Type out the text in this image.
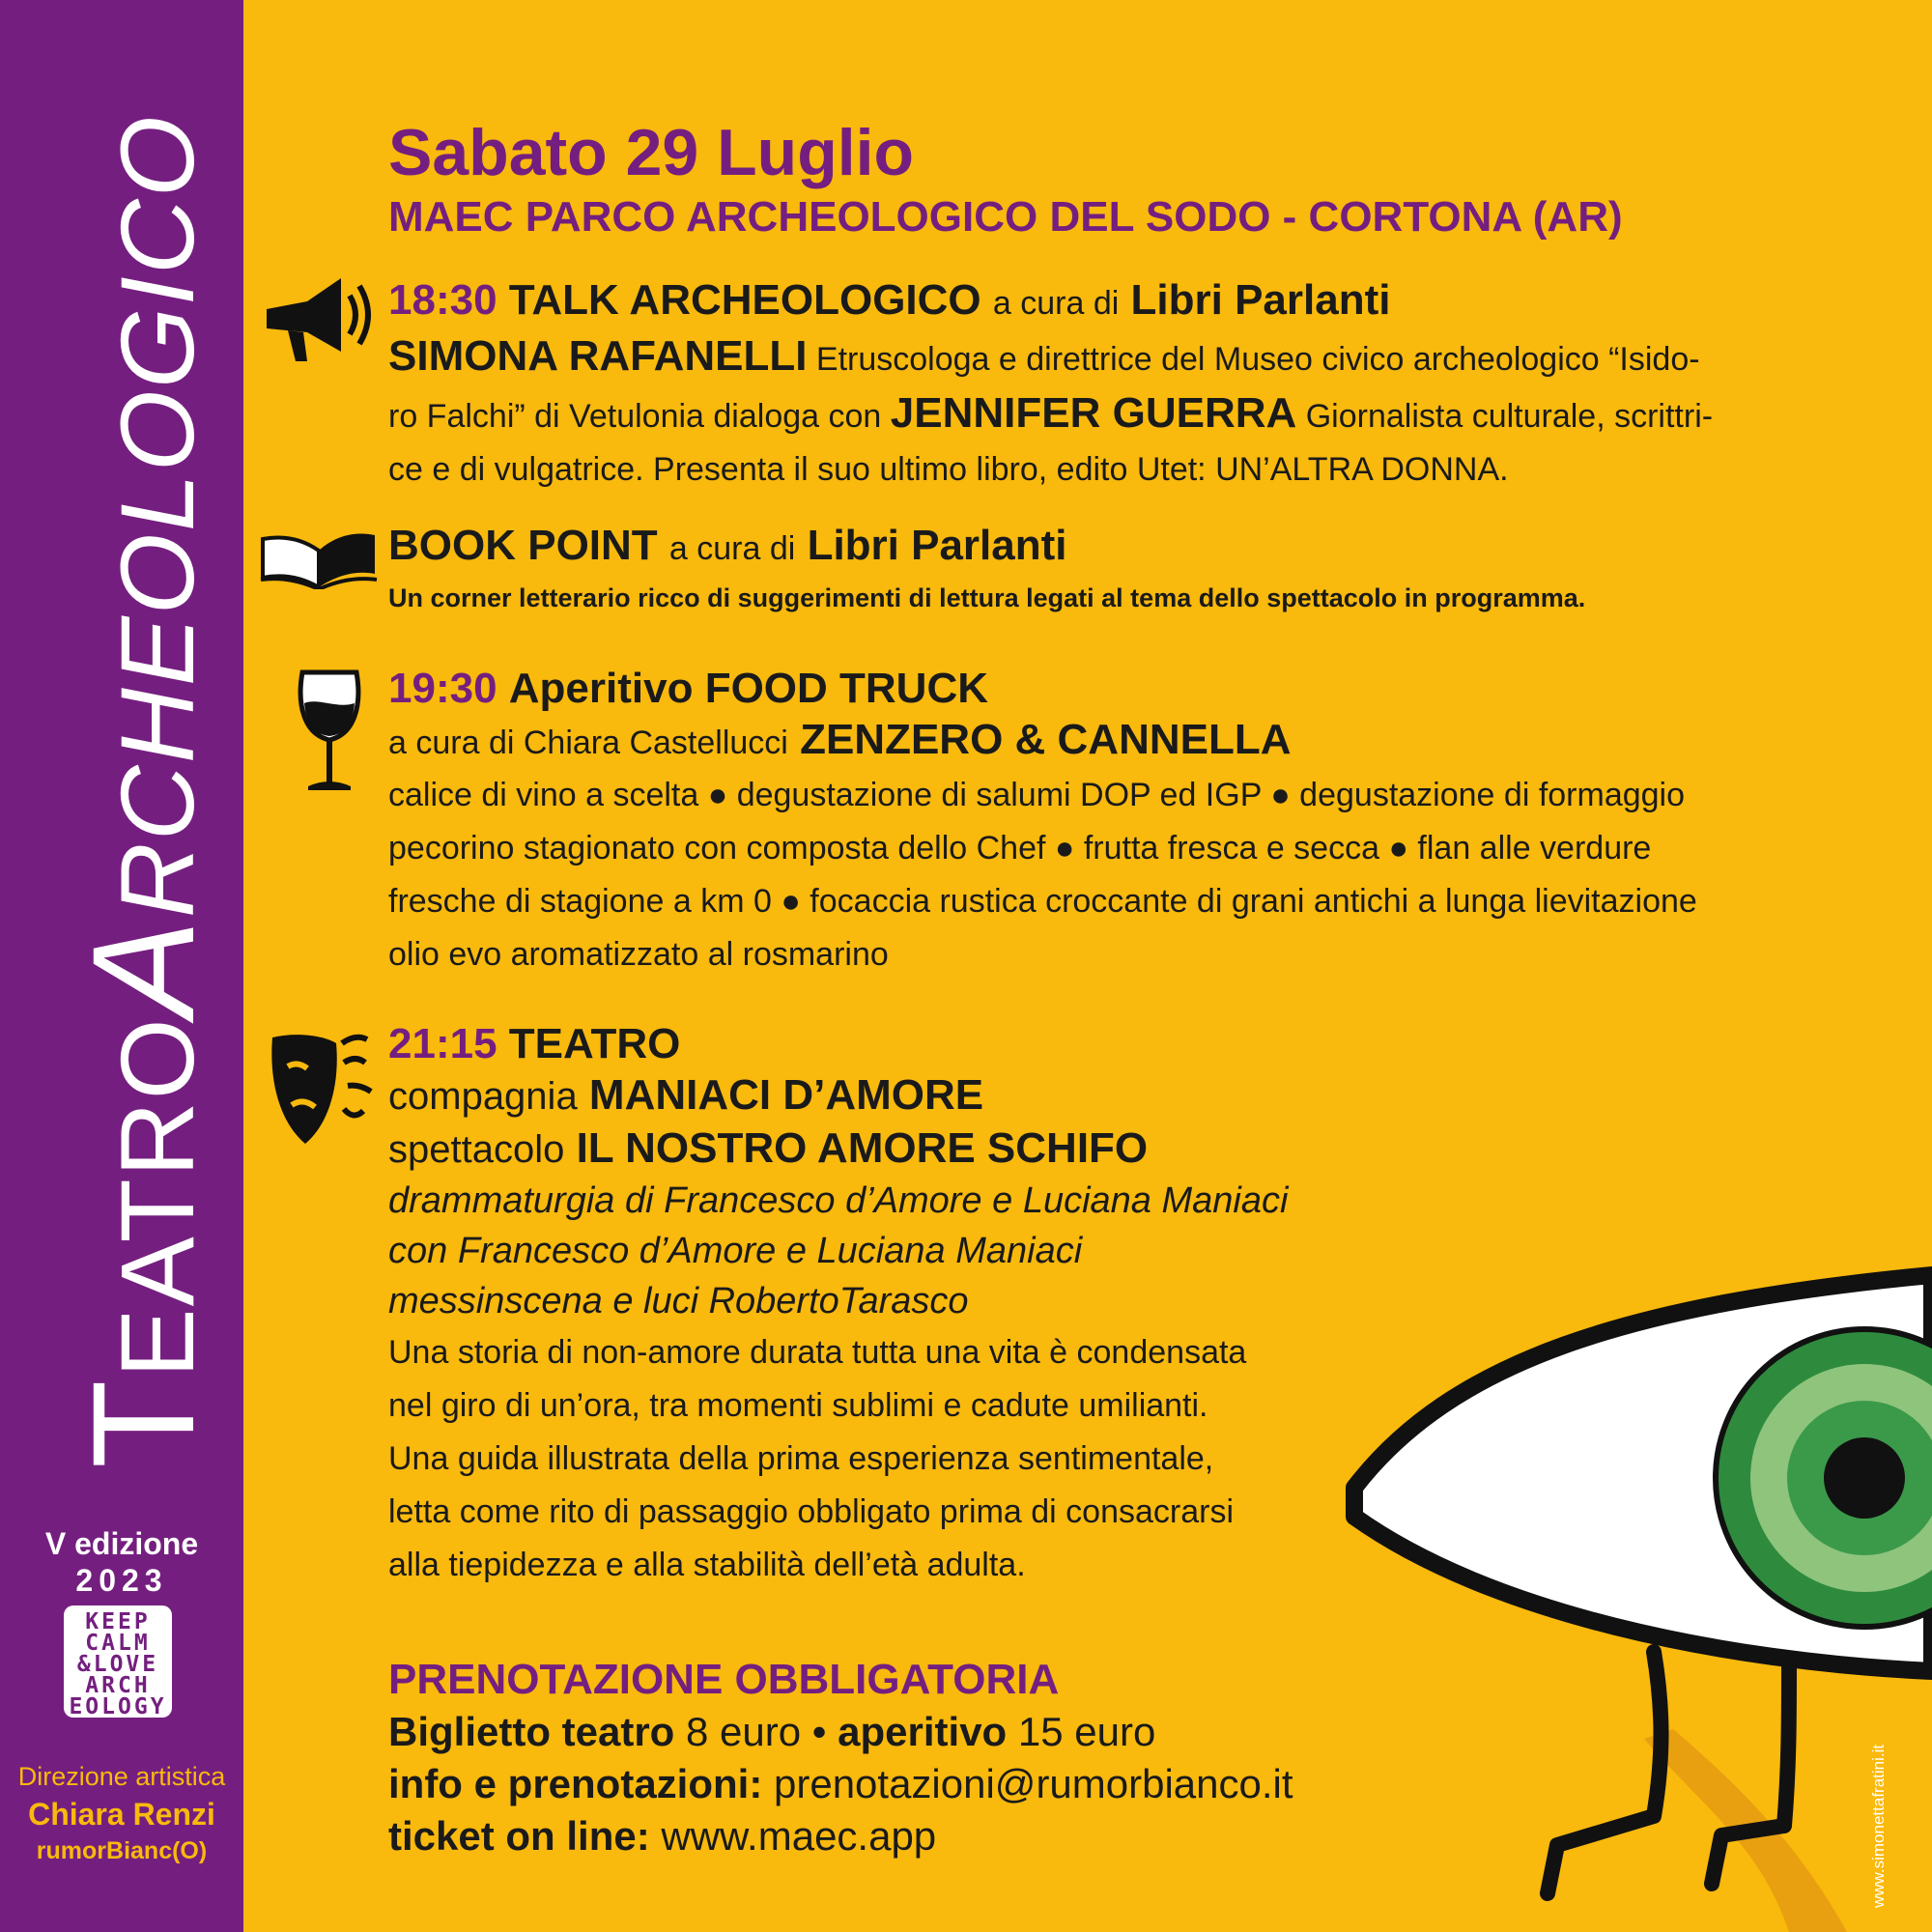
TEATROARCHEOLOGICO
V edizione
2023
KEEP
CALM
&LOVE
ARCH
EOLOGY
Direzione artistica
Chiara Renzi
rumorBianc(O)

Sabato 29 Luglio

MAEC PARCO ARCHEOLOGICO DEL SODO - CORTONA (AR)

18:30 TALK ARCHEOLOGICO a cura di Libri Parlanti

SIMONA RAFANELLI Etruscologa e direttrice del Museo civico archeologico “Isido-

ro Falchi” di Vetulonia dialoga con JENNIFER GUERRA Giornalista culturale, scrittri-

ce e di vulgatrice. Presenta il suo ultimo libro, edito Utet: UN’ALTRA DONNA.

BOOK POINT a cura di Libri Parlanti

Un corner letterario ricco di suggerimenti di lettura legati al tema dello spettacolo in programma.

19:30 Aperitivo FOOD TRUCK

a cura di Chiara Castellucci ZENZERO & CANNELLA

calice di vino a scelta ● degustazione di salumi DOP ed IGP ● degustazione di formaggio

pecorino stagionato con composta dello Chef ● frutta fresca e secca ● flan alle verdure

fresche di stagione a km 0 ● focaccia rustica croccante di grani antichi a lunga lievitazione

olio evo aromatizzato al rosmarino

21:15 TEATRO

compagnia MANIACI D’AMORE

spettacolo IL NOSTRO AMORE SCHIFO

drammaturgia di Francesco d’Amore e Luciana Maniaci

con Francesco d’Amore e Luciana Maniaci

messinscena e luci RobertoTarasco

Una storia di non-amore durata tutta una vita è condensata

nel giro di un’ora, tra momenti sublimi e cadute umilianti.

Una guida illustrata della prima esperienza sentimentale,

letta come rito di passaggio obbligato prima di consacrarsi

alla tiepidezza e alla stabilità dell’età adulta.

PRENOTAZIONE OBBLIGATORIA

Biglietto teatro 8 euro • aperitivo 15 euro

info e prenotazioni: prenotazioni@rumorbianco.it

ticket on line: www.maec.app	www.simonettafratini.it
